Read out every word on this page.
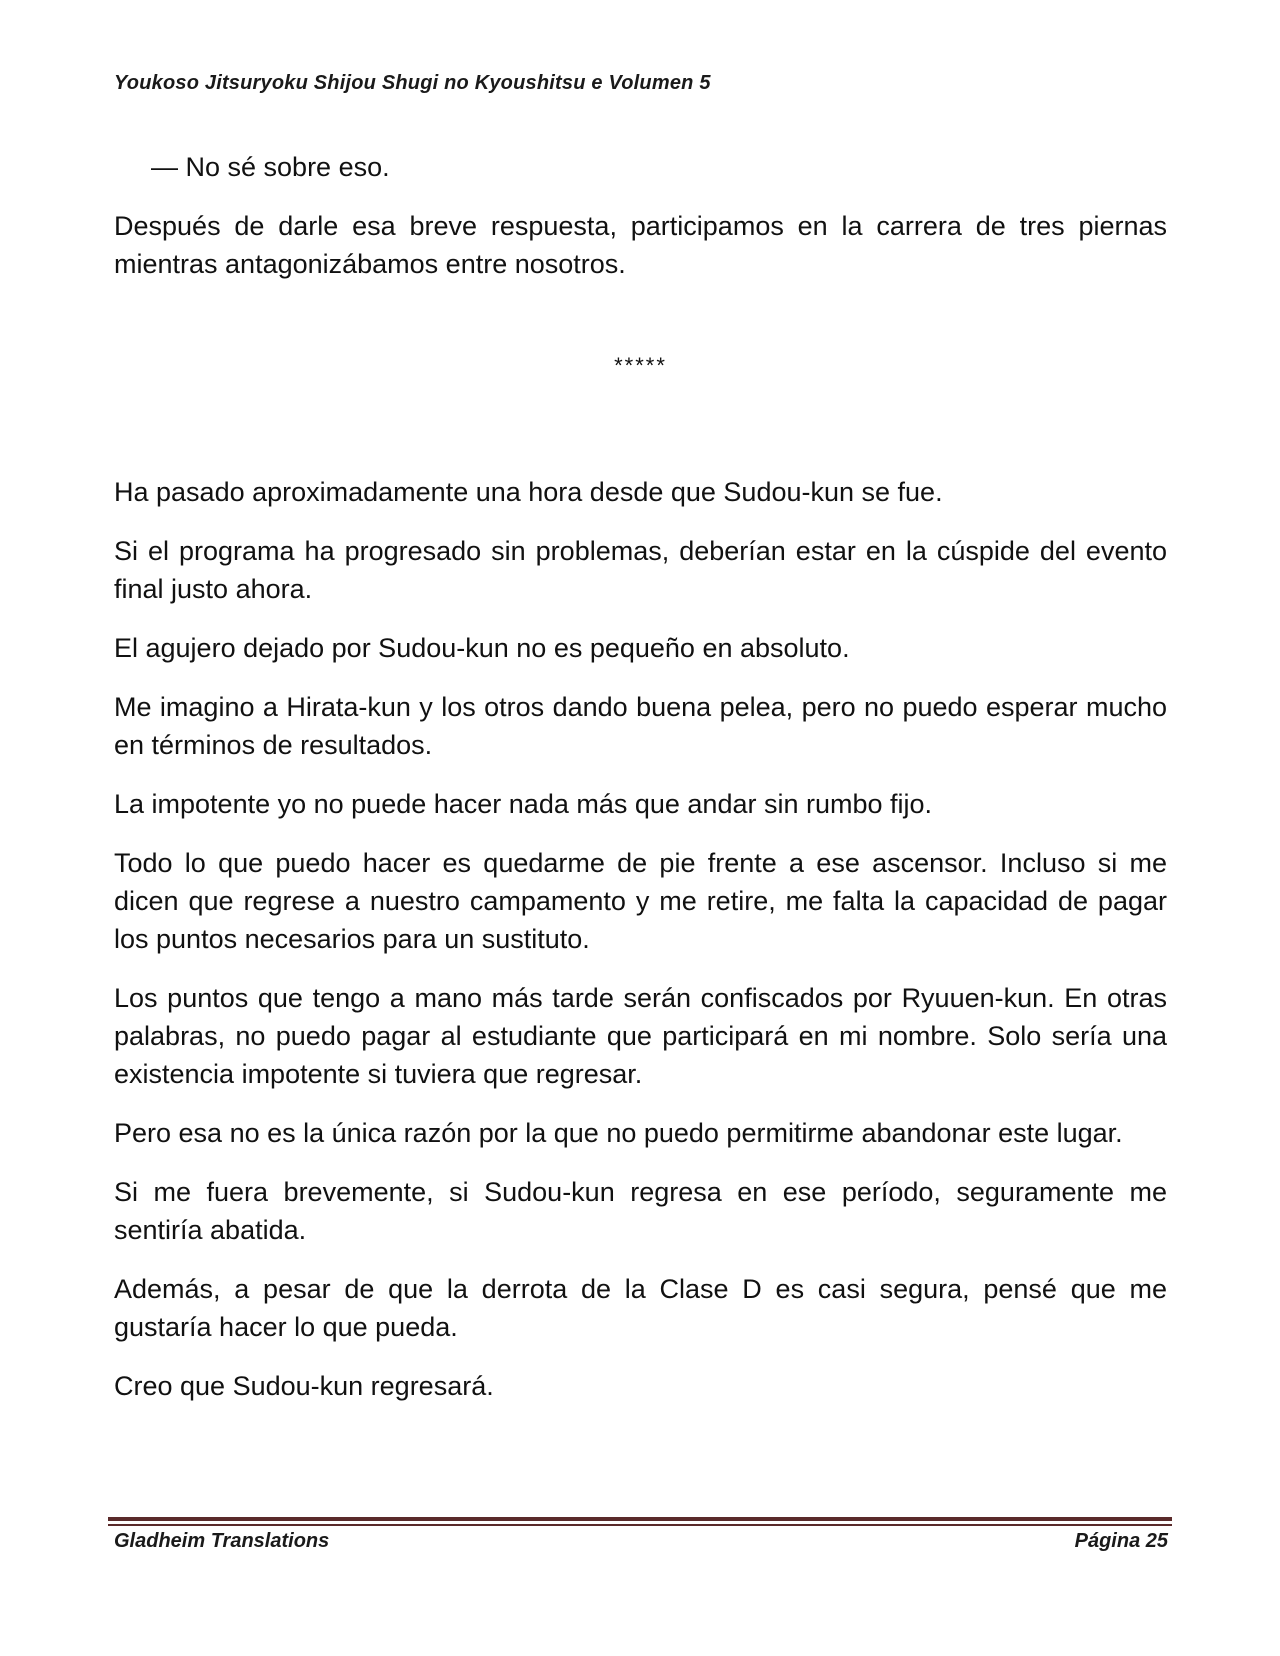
Youkoso Jitsuryoku Shijou Shugi no Kyoushitsu e Volumen 5

— No sé sobre eso.

Después de darle esa breve respuesta, participamos en la carrera de tres piernas mientras antagonizábamos entre nosotros.

*****

Ha pasado aproximadamente una hora desde que Sudou-kun se fue.

Si el programa ha progresado sin problemas, deberían estar en la cúspide del evento final justo ahora.

El agujero dejado por Sudou-kun no es pequeño en absoluto.

Me imagino a Hirata-kun y los otros dando buena pelea, pero no puedo esperar mucho en términos de resultados.

La impotente yo no puede hacer nada más que andar sin rumbo fijo.

Todo lo que puedo hacer es quedarme de pie frente a ese ascensor. Incluso si me dicen que regrese a nuestro campamento y me retire, me falta la capacidad de pagar los puntos necesarios para un sustituto.

Los puntos que tengo a mano más tarde serán confiscados por Ryuuen-kun. En otras palabras, no puedo pagar al estudiante que participará en mi nombre. Solo sería una existencia impotente si tuviera que regresar.

Pero esa no es la única razón por la que no puedo permitirme abandonar este lugar.

Si me fuera brevemente, si Sudou-kun regresa en ese período, seguramente me sentiría abatida.

Además, a pesar de que la derrota de la Clase D es casi segura, pensé que me gustaría hacer lo que pueda.

Creo que Sudou-kun regresará.

Gladheim Translations	Página 25
